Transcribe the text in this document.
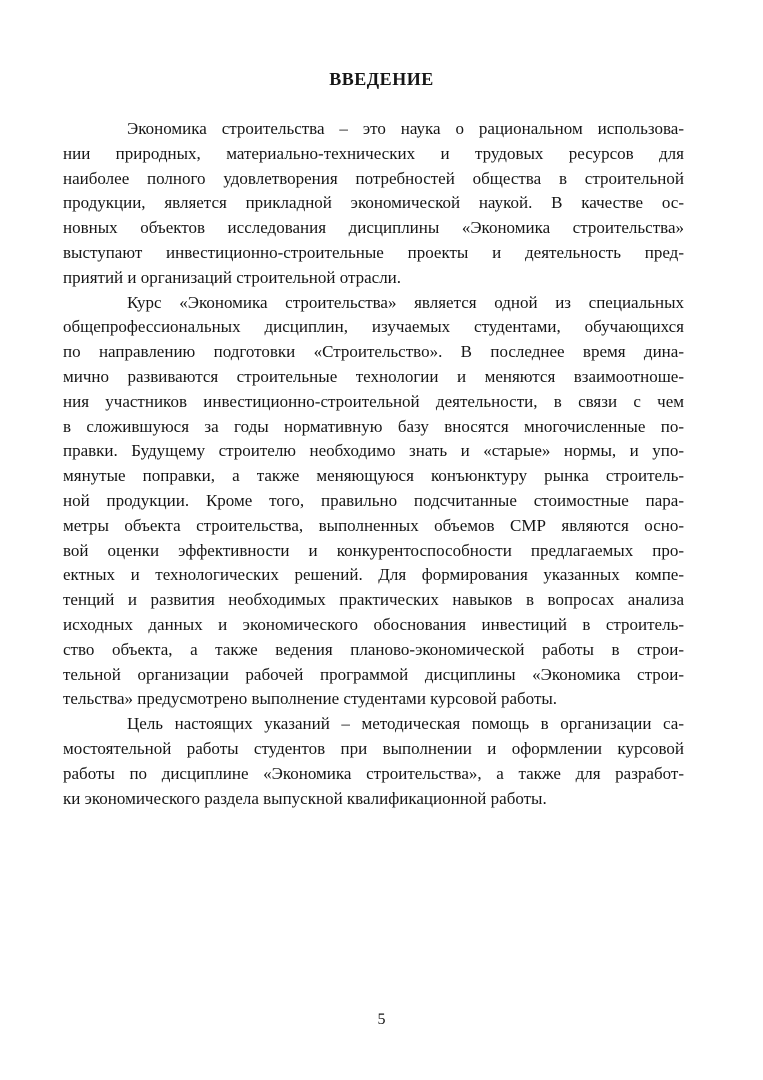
ВВЕДЕНИЕ
Экономика строительства – это наука о рациональном использова-
нии природных, материально-технических и трудовых ресурсов для
наиболее полного удовлетворения потребностей общества в строительной
продукции, является прикладной экономической наукой. В качестве ос-
новных объектов исследования дисциплины «Экономика строительства»
выступают инвестиционно-строительные проекты и деятельность пред-
приятий и организаций строительной отрасли.
Курс «Экономика строительства» является одной из специальных
общепрофессиональных дисциплин, изучаемых студентами, обучающихся
по направлению подготовки «Строительство». В последнее время дина-
мично развиваются строительные технологии и меняются взаимоотноше-
ния участников инвестиционно-строительной деятельности, в связи с чем
в сложившуюся за годы нормативную базу вносятся многочисленные по-
правки. Будущему строителю необходимо знать и «старые» нормы, и упо-
мянутые поправки, а также меняющуюся конъюнктуру рынка строитель-
ной продукции. Кроме того, правильно подсчитанные стоимостные пара-
метры объекта строительства, выполненных объемов СМР являются осно-
вой оценки эффективности и конкурентоспособности предлагаемых про-
ектных и технологических решений. Для формирования указанных компе-
тенций и развития необходимых практических навыков в вопросах анализа
исходных данных и экономического обоснования инвестиций в строитель-
ство объекта, а также ведения планово-экономической работы в строи-
тельной организации рабочей программой дисциплины «Экономика строи-
тельства» предусмотрено выполнение студентами курсовой работы.
Цель настоящих указаний – методическая помощь в организации са-
мостоятельной работы студентов при выполнении и оформлении курсовой
работы по дисциплине «Экономика строительства», а также для разработ-
ки экономического раздела выпускной квалификационной работы.
5
